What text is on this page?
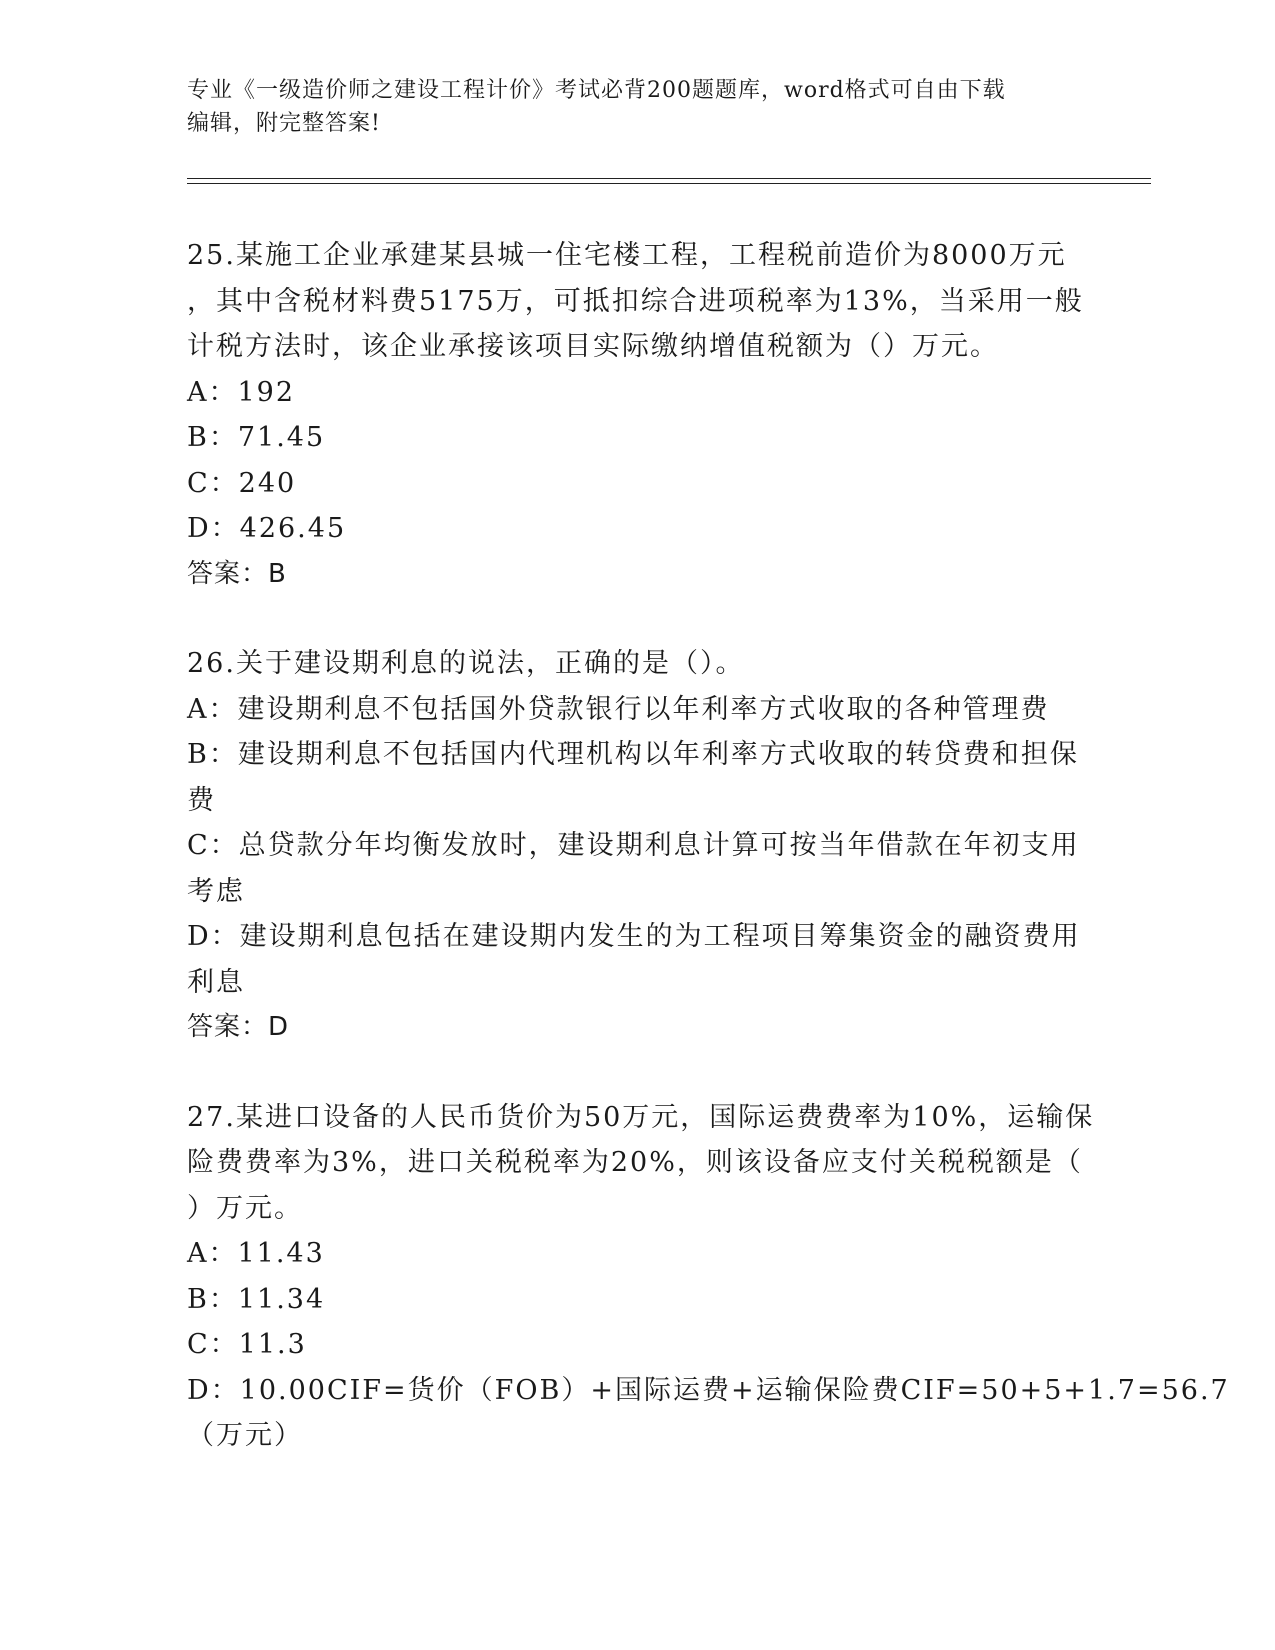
专业《一级造价师之建设工程计价》考试必背200题题库，word格式可自由下载
编辑，附完整答案!
25.某施工企业承建某县城一住宅楼工程，工程税前造价为8000万元
，其中含税材料费5175万，可抵扣综合进项税率为13%，当采用一般
计税方法时，该企业承接该项目实际缴纳增值税额为（）万元。
A：192
B：71.45
C：240
D：426.45
答案：B
26.关于建设期利息的说法，正确的是（）。
A：建设期利息不包括国外贷款银行以年利率方式收取的各种管理费
B：建设期利息不包括国内代理机构以年利率方式收取的转贷费和担保
费
C：总贷款分年均衡发放时，建设期利息计算可按当年借款在年初支用
考虑
D：建设期利息包括在建设期内发生的为工程项目筹集资金的融资费用
利息
答案：D
27.某进口设备的人民币货价为50万元，国际运费费率为10%，运输保
险费费率为3%，进口关税税率为20%，则该设备应支付关税税额是（
）万元。
A：11.43
B：11.34
C：11.3
D：10.00CIF=货价（FOB）+国际运费+运输保险费CIF=50+5+1.7=56.7
（万元）
